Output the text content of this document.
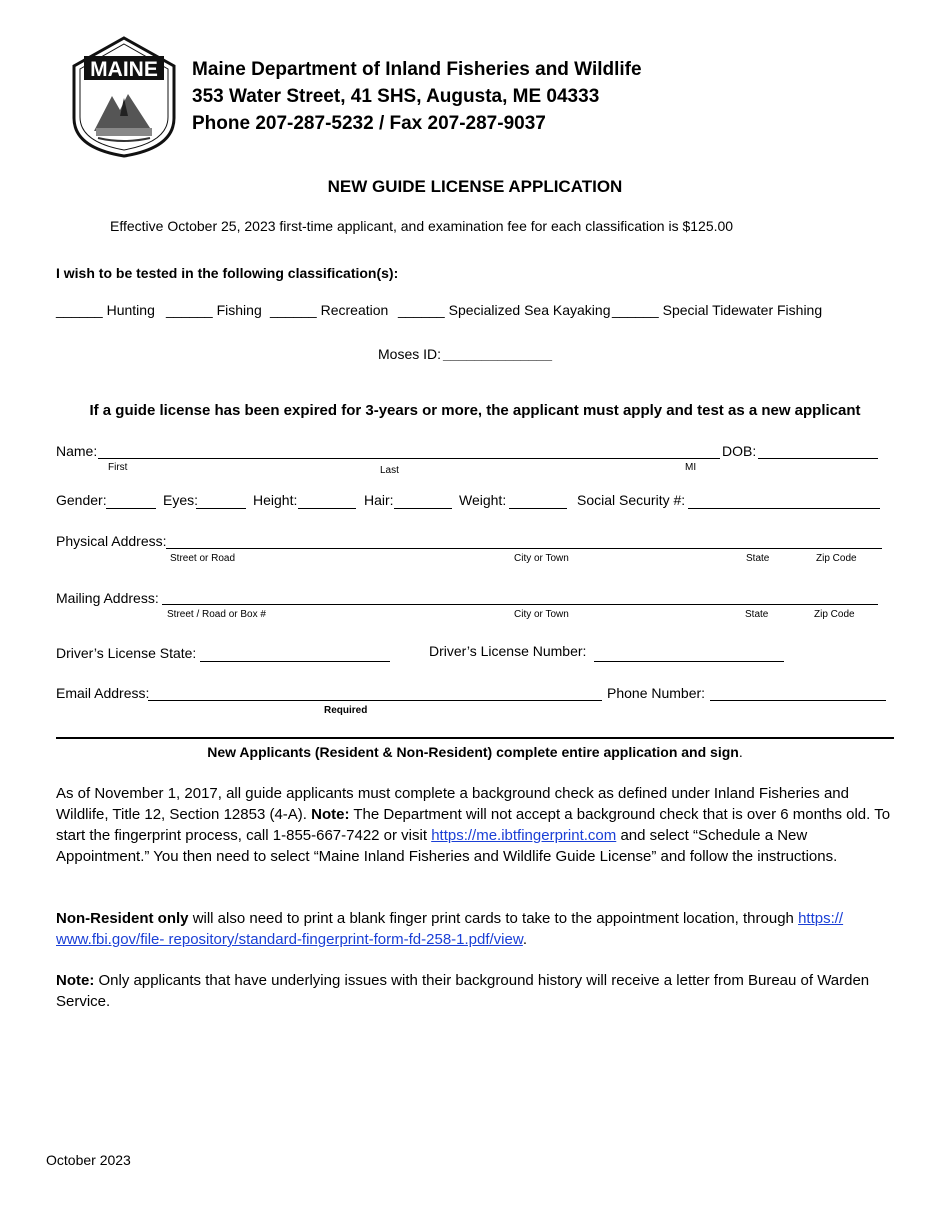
MAINE Maine Department of Inland Fisheries and Wildlife
353 Water Street, 41 SHS, Augusta, ME 04333
Phone 207-287-5232 / Fax 207-287-9037
NEW GUIDE LICENSE APPLICATION
Effective October 25, 2023 first-time applicant, and examination fee for each classification is $125.00
I wish to be tested in the following classification(s):
______ Hunting ______ Fishing ______ Recreation ______ Specialized Sea Kayaking ______ Special Tidewater Fishing
Moses ID: ______________
If a guide license has been expired for 3-years or more, the applicant must apply and test as a new applicant
Name:
First	Last	MI
DOB:
Gender:	Eyes:	Height:	Hair:	Weight:	Social Security #:
Physical Address:
Street or Road	City or Town	State	Zip Code
Mailing Address:
Street / Road or Box #	City or Town	State	Zip Code
Driver’s License State:	Driver’s License Number:
Email Address:
Required
Phone Number:
New Applicants (Resident & Non-Resident) complete entire application and sign.
As of November 1, 2017, all guide applicants must complete a background check as defined under Inland Fisheries and Wildlife, Title 12, Section 12853 (4-A). Note: The Department will not accept a background check that is over 6 months old. To start the fingerprint process, call 1-855-667-7422 or visit https://me.ibtfingerprint.com and select “Schedule a New Appointment.” You then need to select “Maine Inland Fisheries and Wildlife Guide License” and follow the instructions.
Non-Resident only will also need to print a blank finger print cards to take to the appointment location, through https:// www.fbi.gov/file- repository/standard-fingerprint-form-fd-258-1.pdf/view.
Note: Only applicants that have underlying issues with their background history will receive a letter from Bureau of Warden Service.
October 2023
